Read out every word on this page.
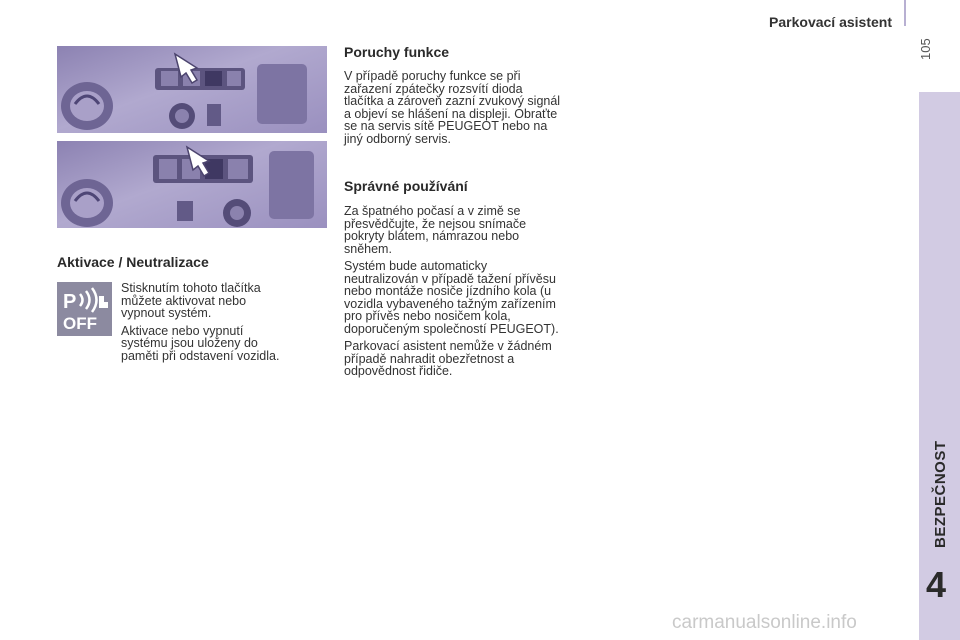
Parkovací asistent
105
BEZPEČNOST
4
Aktivace / Neutralizace
P
OFF

Stisknutím tohoto tlačítka
můžete aktivovat nebo
vypnout systém.

Aktivace nebo vypnutí
systému jsou uloženy do
paměti při odstavení vozidla.

Poruchy funkce

V případě poruchy funkce se při
zařazení zpátečky rozsvítí dioda
tlačítka a zároveň zazní zvukový signál
a objeví se hlášení na displeji. Obraťte
se na servis sítě PEUGEOT nebo na
jiný odborný servis.

Správné používání

Za špatného počasí a v zimě se
přesvědčujte, že nejsou snímače
pokryty blátem, námrazou nebo
sněhem.

Systém bude automaticky
neutralizován v případě tažení přívěsu
nebo montáže nosiče jízdního kola (u
vozidla vybaveného tažným zařízením
pro přívěs nebo nosičem kola,
doporučeným společností PEUGEOT).

Parkovací asistent nemůže v žádném
případě nahradit obezřetnost a
odpovědnost řidiče.

carmanualsonline.info
